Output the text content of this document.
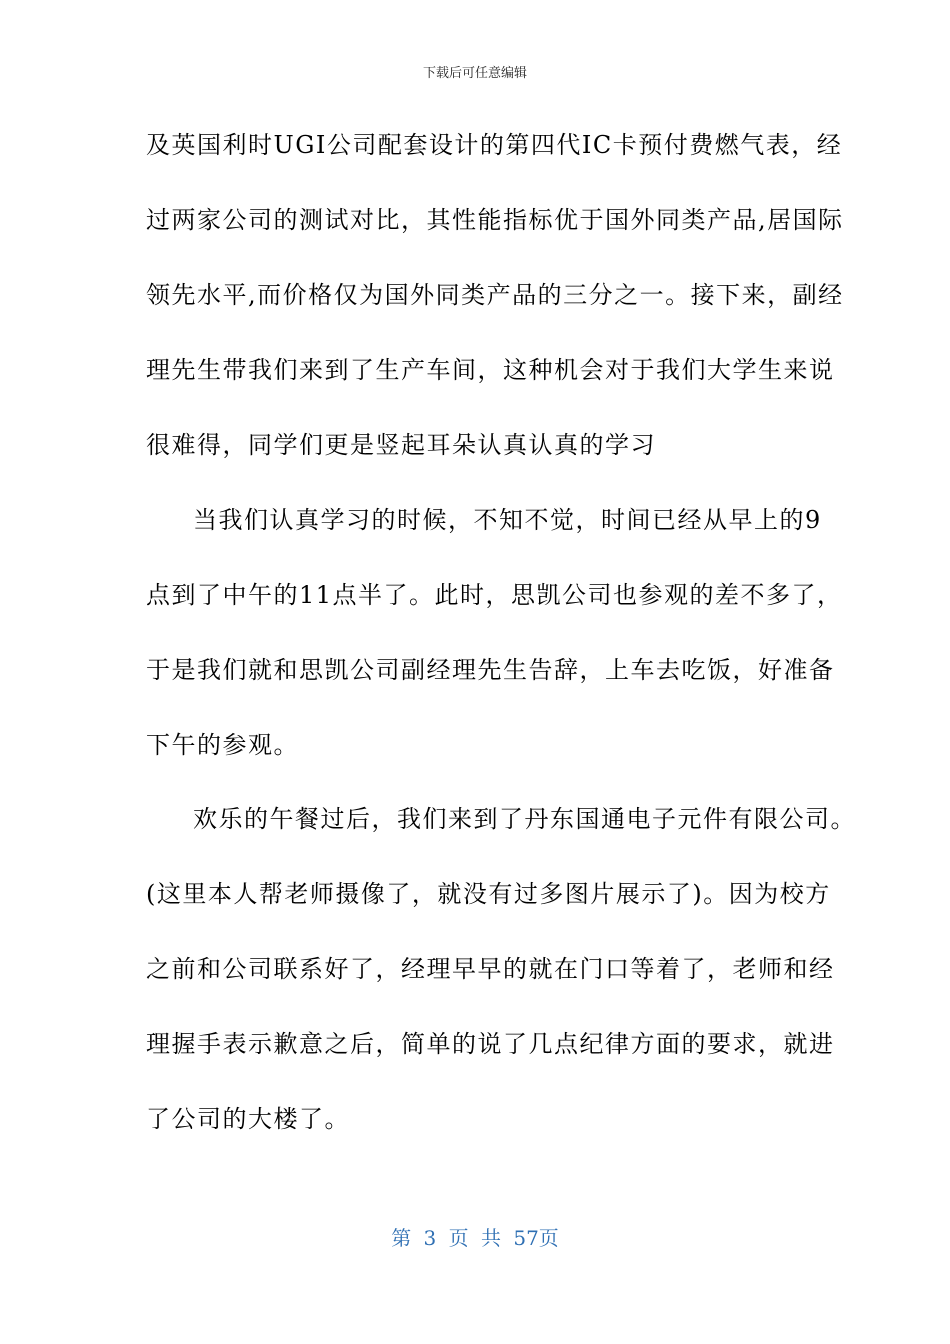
下载后可任意编辑
及英国利时UGI公司配套设计的第四代IC卡预付费燃气表，经
过两家公司的测试对比，其性能指标优于国外同类产品,居国际
领先水平,而价格仅为国外同类产品的三分之一。接下来，副经
理先生带我们来到了生产车间，这种机会对于我们大学生来说
很难得，同学们更是竖起耳朵认真认真的学习
当我们认真学习的时候，不知不觉，时间已经从早上的9
点到了中午的11点半了。此时，思凯公司也参观的差不多了，
于是我们就和思凯公司副经理先生告辞，上车去吃饭，好准备
下午的参观。
欢乐的午餐过后，我们来到了丹东国通电子元件有限公司。
(这里本人帮老师摄像了，就没有过多图片展示了)。因为校方
之前和公司联系好了，经理早早的就在门口等着了，老师和经
理握手表示歉意之后，简单的说了几点纪律方面的要求，就进
了公司的大楼了。
第 3 页 共 57页
